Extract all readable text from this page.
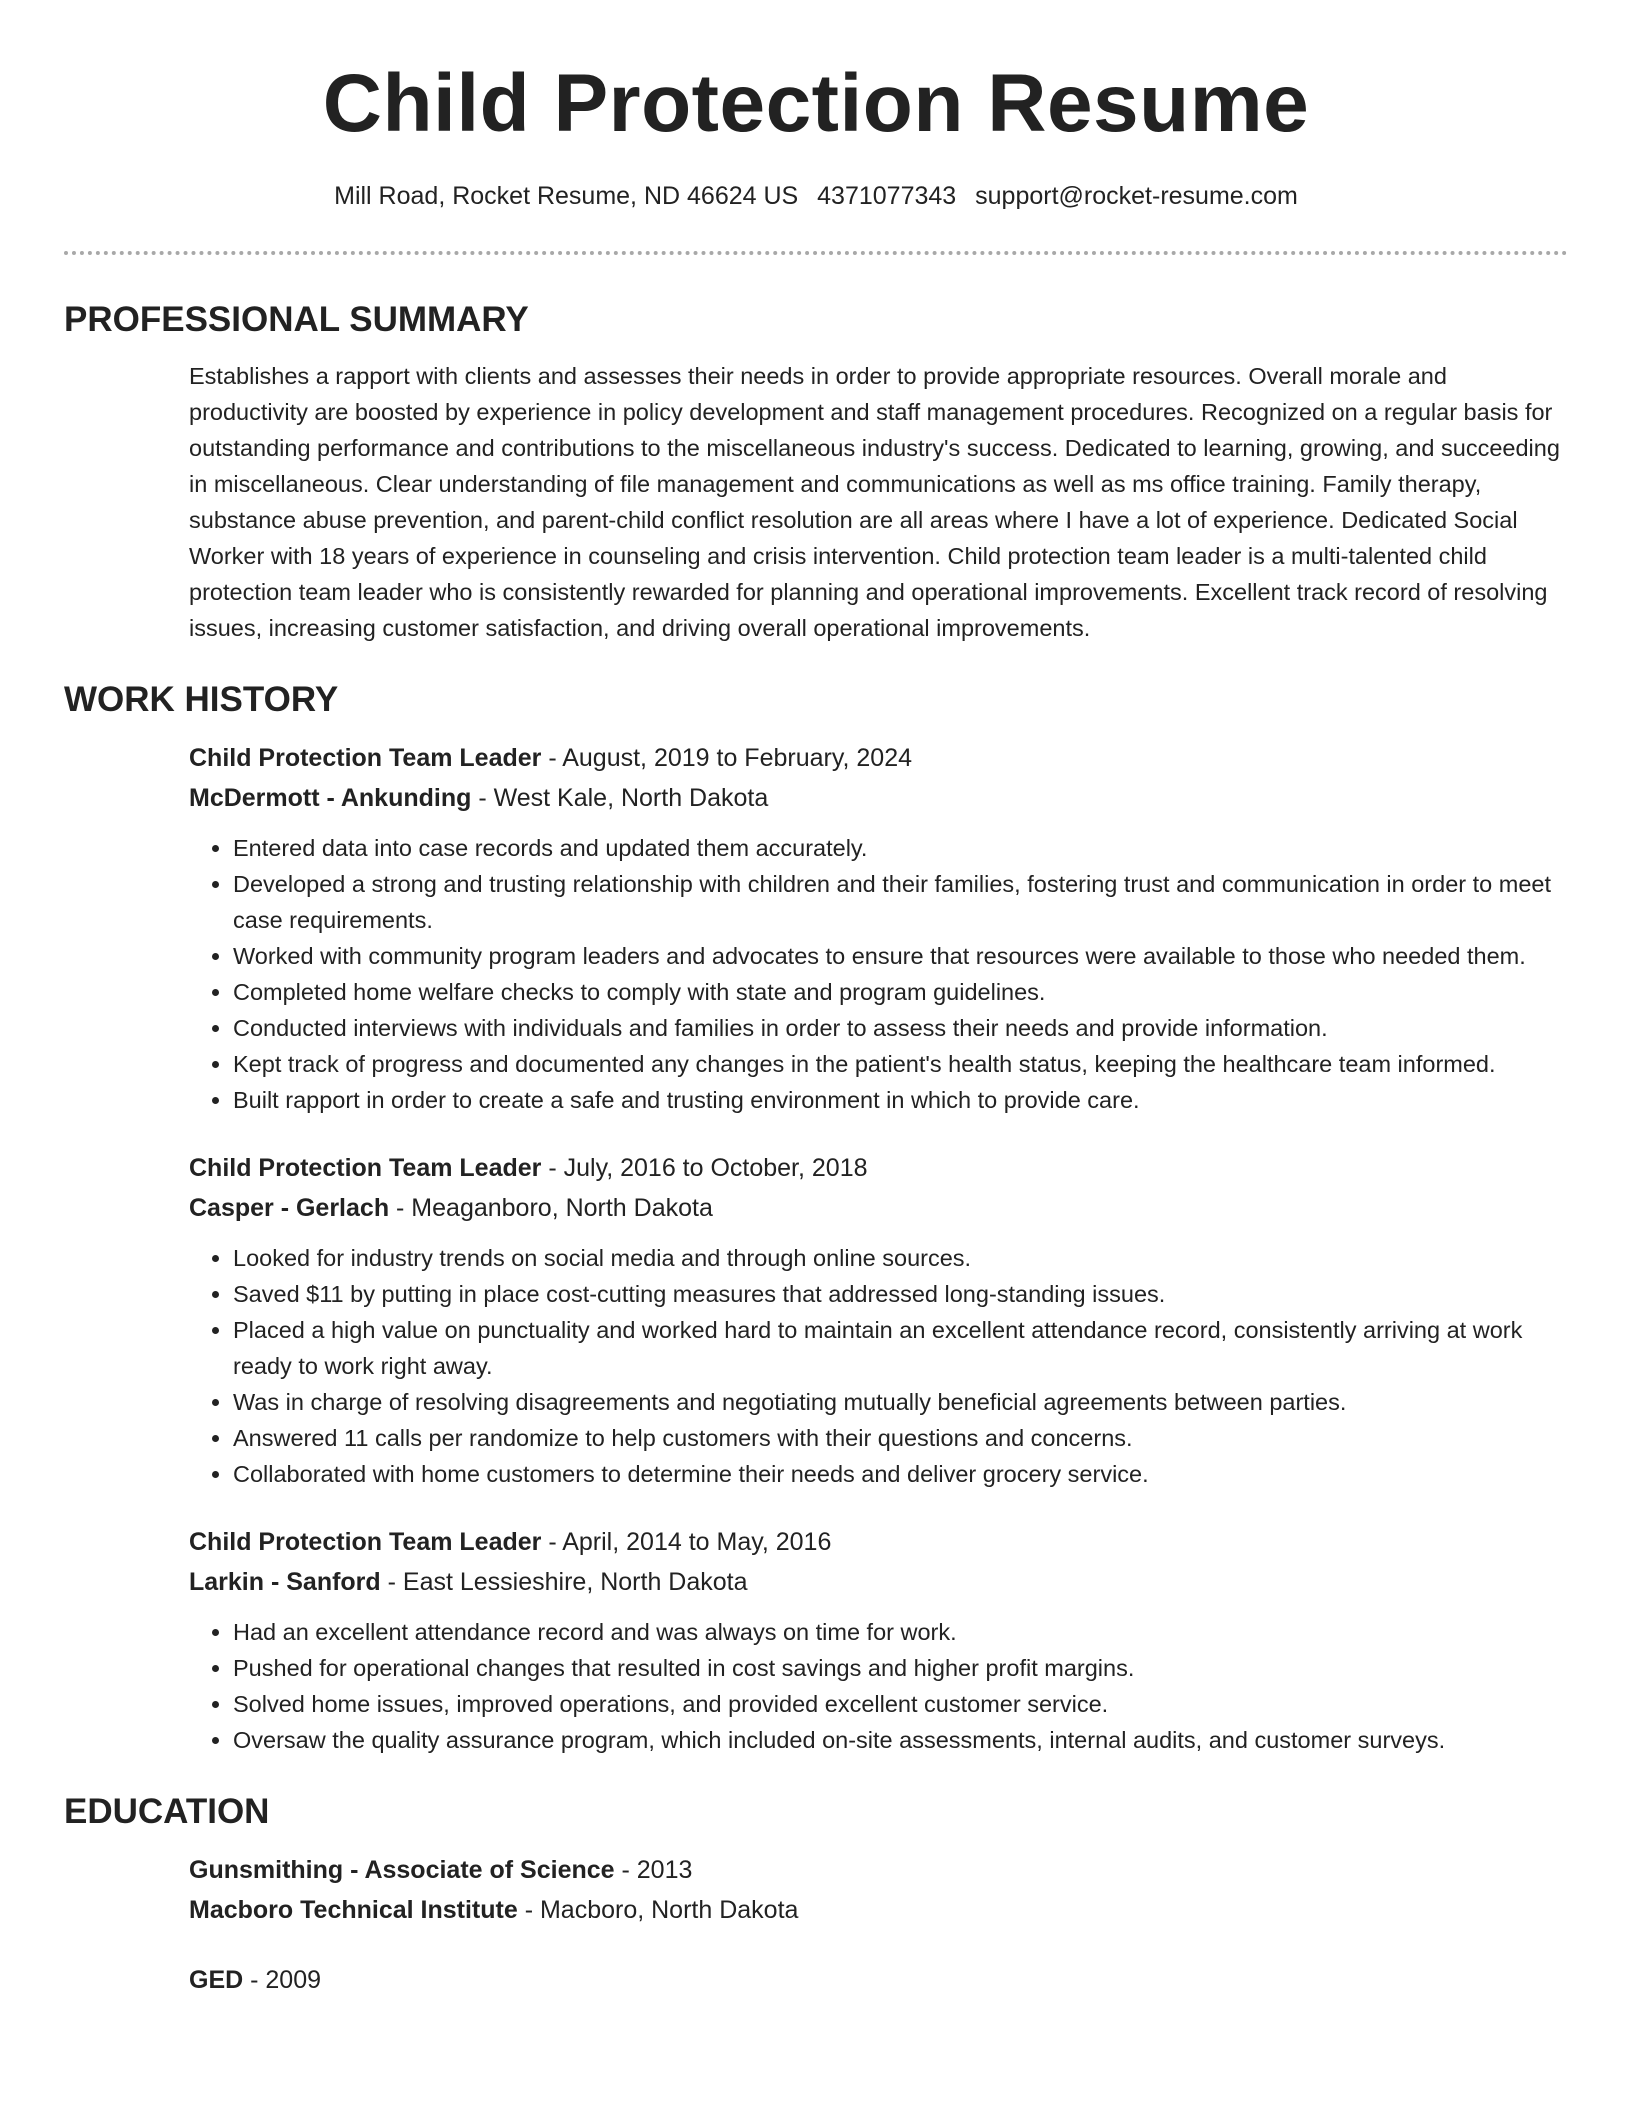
Child Protection Resume
Mill Road, Rocket Resume, ND 46624 US 4371077343 support@rocket-resume.com
PROFESSIONAL SUMMARY

Establishes a rapport with clients and assesses their needs in order to provide appropriate resources. Overall morale and productivity are boosted by experience in policy development and staff management procedures. Recognized on a regular basis for outstanding performance and contributions to the miscellaneous industry's success. Dedicated to learning, growing, and succeeding in miscellaneous. Clear understanding of file management and communications as well as ms office training. Family therapy, substance abuse prevention, and parent-child conflict resolution are all areas where I have a lot of experience. Dedicated Social Worker with 18 years of experience in counseling and crisis intervention. Child protection team leader is a multi-talented child protection team leader who is consistently rewarded for planning and operational improvements. Excellent track record of resolving issues, increasing customer satisfaction, and driving overall operational improvements.

WORK HISTORY
Child Protection Team Leader - August, 2019 to February, 2024
McDermott - Ankunding - West Kale, North Dakota
• Entered data into case records and updated them accurately.
• Developed a strong and trusting relationship with children and their families, fostering trust and communication in order to meet case requirements.
• Worked with community program leaders and advocates to ensure that resources were available to those who needed them.
• Completed home welfare checks to comply with state and program guidelines.
• Conducted interviews with individuals and families in order to assess their needs and provide information.
• Kept track of progress and documented any changes in the patient's health status, keeping the healthcare team informed.
• Built rapport in order to create a safe and trusting environment in which to provide care.
Child Protection Team Leader - July, 2016 to October, 2018
Casper - Gerlach - Meaganboro, North Dakota
• Looked for industry trends on social media and through online sources.
• Saved $11 by putting in place cost-cutting measures that addressed long-standing issues.
• Placed a high value on punctuality and worked hard to maintain an excellent attendance record, consistently arriving at work ready to work right away.
• Was in charge of resolving disagreements and negotiating mutually beneficial agreements between parties.
• Answered 11 calls per randomize to help customers with their questions and concerns.
• Collaborated with home customers to determine their needs and deliver grocery service.
Child Protection Team Leader - April, 2014 to May, 2016
Larkin - Sanford - East Lessieshire, North Dakota
• Had an excellent attendance record and was always on time for work.
• Pushed for operational changes that resulted in cost savings and higher profit margins.
• Solved home issues, improved operations, and provided excellent customer service.
• Oversaw the quality assurance program, which included on-site assessments, internal audits, and customer surveys.
EDUCATION
Gunsmithing - Associate of Science - 2013
Macboro Technical Institute - Macboro, North Dakota
GED - 2009
